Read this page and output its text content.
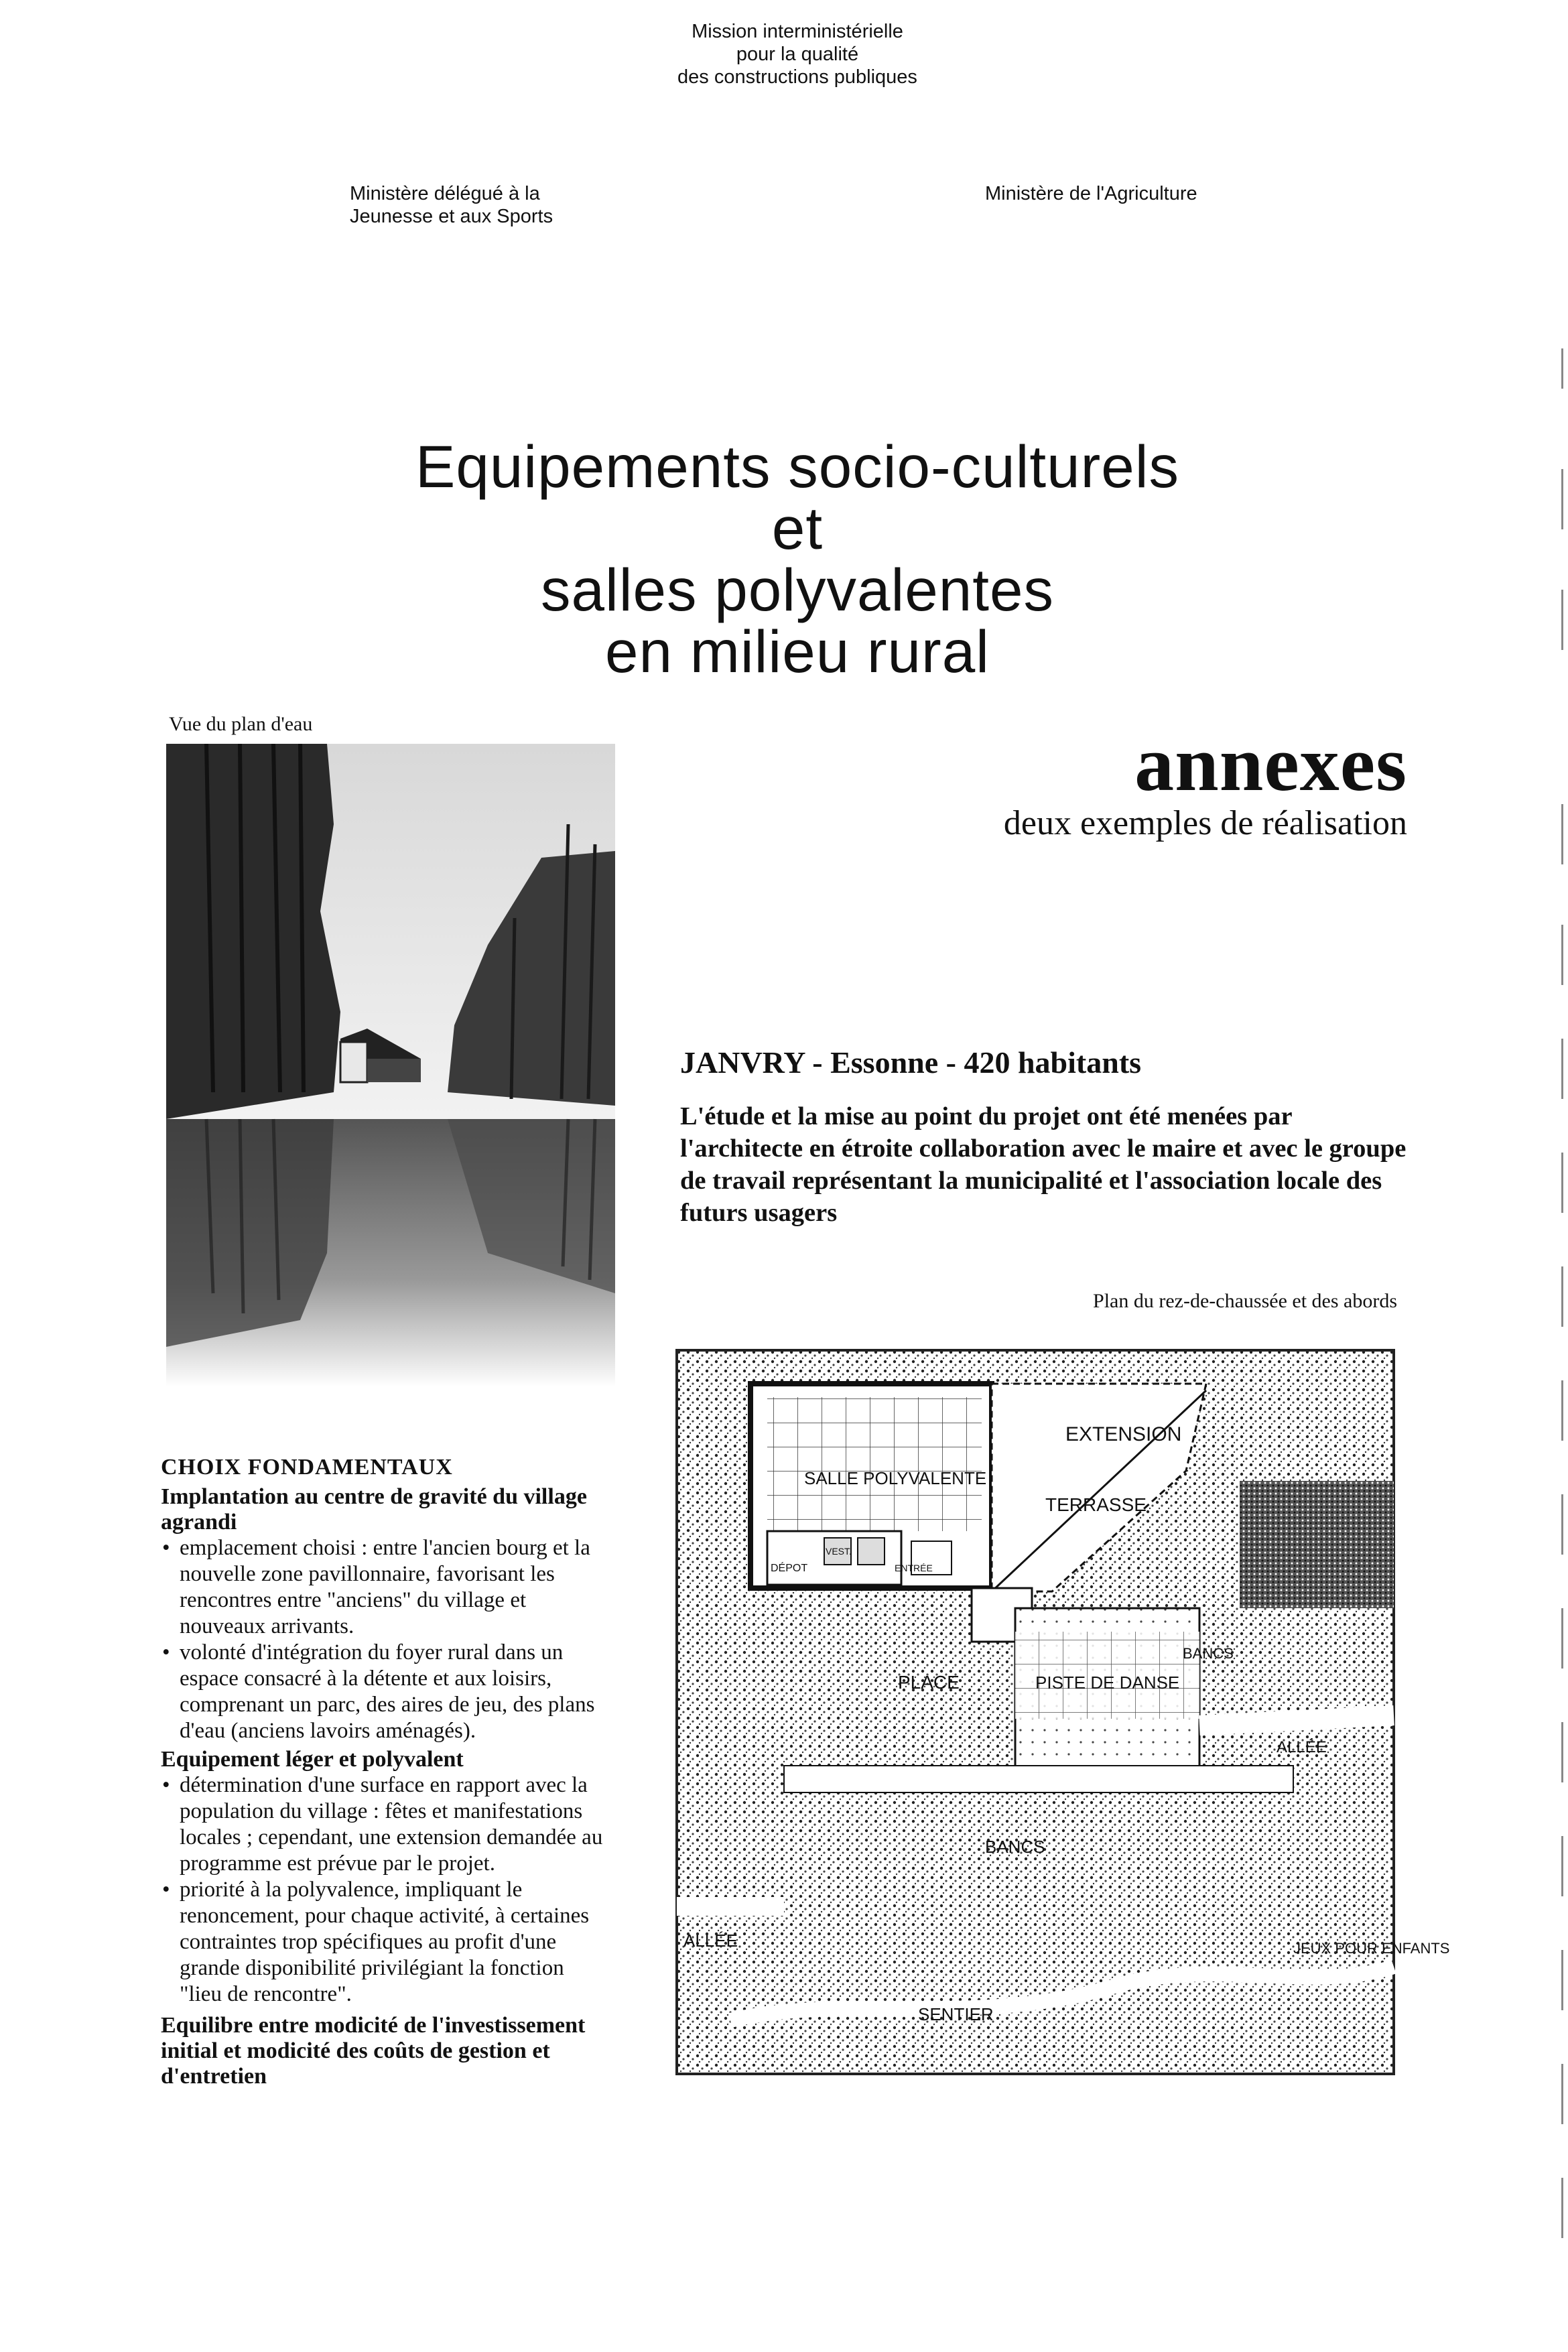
Mission interministérielle
pour la qualité
des constructions publiques
Ministère délégué à la
Jeunesse et aux Sports
Ministère de l'Agriculture
Equipements socio-culturels
et
salles polyvalentes
en milieu rural
annexes
deux exemples de réalisation
Vue du plan d'eau
JANVRY - Essonne - 420 habitants
L'étude et la mise au point du projet ont été menées par l'architecte en étroite collaboration avec le maire et avec le groupe de travail représentant la municipalité et l'association locale des futurs usagers
Plan du rez-de-chaussée et des abords
EXTENSION
TERRASSE
SALLE POLYVALENTE
PLACE	PISTE DE DANSE
BANCS
ALLÉE
BANCS
ALLÉE	JEUX POUR ENFANTS
SENTIER
DÉPOT	ENTRÉE
VEST.
CHOIX FONDAMENTAUX
Implantation au centre de gravité du village agrandi
• emplacement choisi : entre l'ancien bourg et la nouvelle zone pavillonnaire, favorisant les rencontres entre "anciens" du village et nouveaux arrivants.
• volonté d'intégration du foyer rural dans un espace consacré à la détente et aux loisirs, comprenant un parc, des aires de jeu, des plans d'eau (anciens lavoirs aménagés).
Equipement léger et polyvalent
• détermination d'une surface en rapport avec la population du village : fêtes et manifestations locales ; cependant, une extension demandée au programme est prévue par le projet.
• priorité à la polyvalence, impliquant le renoncement, pour chaque activité, à certaines contraintes trop spécifiques au profit d'une grande disponibilité privilégiant la fonction "lieu de rencontre".
Equilibre entre modicité de l'investissement initial et modicité des coûts de gestion et d'entretien
